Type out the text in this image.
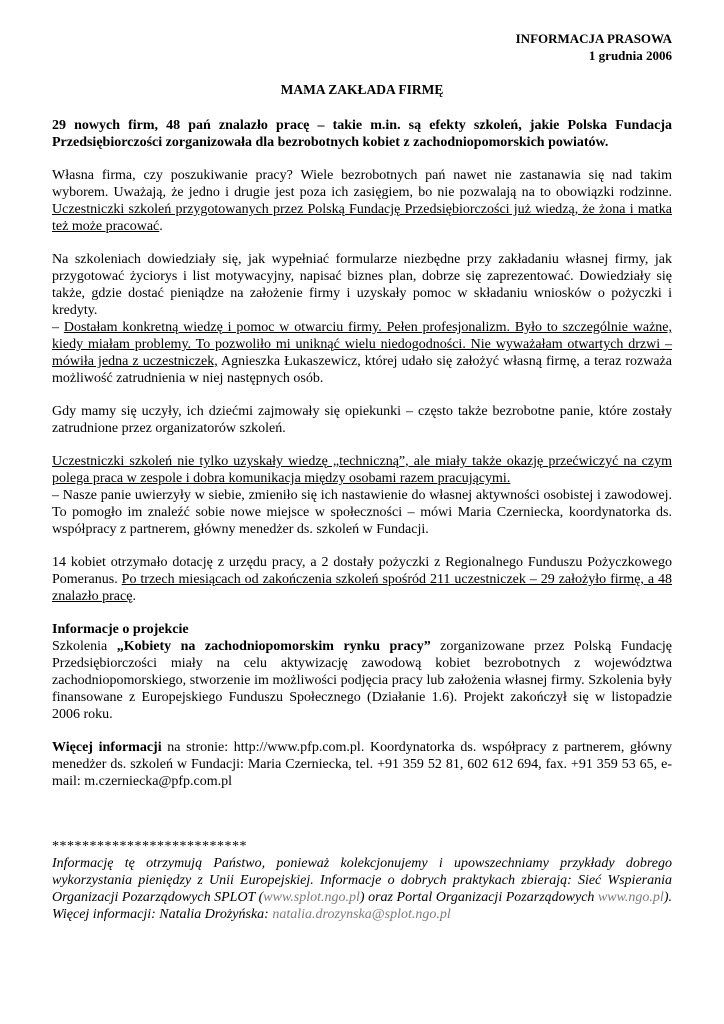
INFORMACJA PRASOWA
1 grudnia 2006
MAMA ZAKŁADA FIRMĘ

29 nowych firm, 48 pań znalazło pracę – takie m.in. są efekty szkoleń, jakie Polska Fundacja Przedsiębiorczości zorganizowała dla bezrobotnych kobiet z zachodniopomorskich powiatów.

Własna firma, czy poszukiwanie pracy? Wiele bezrobotnych pań nawet nie zastanawia się nad takim wyborem. Uważają, że jedno i drugie jest poza ich zasięgiem, bo nie pozwalają na to obowiązki rodzinne. Uczestniczki szkoleń przygotowanych przez Polską Fundację Przedsiębiorczości już wiedzą, że żona i matka też może pracować.

Na szkoleniach dowiedziały się, jak wypełniać formularze niezbędne przy zakładaniu własnej firmy, jak przygotować życiorys i list motywacyjny, napisać biznes plan, dobrze się zaprezentować. Dowiedziały się także, gdzie dostać pieniądze na założenie firmy i uzyskały pomoc w składaniu wniosków o pożyczki i kredyty.
– Dostałam konkretną wiedzę i pomoc w otwarciu firmy. Pełen profesjonalizm. Było to szczególnie ważne, kiedy miałam problemy. To pozwoliło mi uniknąć wielu niedogodności. Nie wyważałam otwartych drzwi – mówiła jedna z uczestniczek, Agnieszka Łukaszewicz, której udało się założyć własną firmę, a teraz rozważa możliwość zatrudnienia w niej następnych osób.

Gdy mamy się uczyły, ich dziećmi zajmowały się opiekunki – często także bezrobotne panie, które zostały zatrudnione przez organizatorów szkoleń.

Uczestniczki szkoleń nie tylko uzyskały wiedzę „techniczną”, ale miały także okazję przećwiczyć na czym polega praca w zespole i dobra komunikacja między osobami razem pracującymi.
– Nasze panie uwierzyły w siebie, zmieniło się ich nastawienie do własnej aktywności osobistej i zawodowej. To pomogło im znaleźć sobie nowe miejsce w społeczności – mówi Maria Czerniecka, koordynatorka ds. współpracy z partnerem, główny menedżer ds. szkoleń w Fundacji.

14 kobiet otrzymało dotację z urzędu pracy, a 2 dostały pożyczki z Regionalnego Funduszu Pożyczkowego Pomeranus. Po trzech miesiącach od zakończenia szkoleń spośród 211 uczestniczek – 29 założyło firmę, a 48 znalazło pracę.

Informacje o projekcie
Szkolenia „Kobiety na zachodniopomorskim rynku pracy” zorganizowane przez Polską Fundację Przedsiębiorczości miały na celu aktywizację zawodową kobiet bezrobotnych z województwa zachodniopomorskiego, stworzenie im możliwości podjęcia pracy lub założenia własnej firmy. Szkolenia były finansowane z Europejskiego Funduszu Społecznego (Działanie 1.6). Projekt zakończył się w listopadzie 2006 roku.

Więcej informacji na stronie: http://www.pfp.com.pl. Koordynatorka ds. współpracy z partnerem, główny menedżer ds. szkoleń w Fundacji: Maria Czerniecka, tel. +91 359 52 81, 602 612 694, fax. +91 359 53 65, e-mail: m.czerniecka@pfp.com.pl

**************************

Informację tę otrzymują Państwo, ponieważ kolekcjonujemy i upowszechniamy przykłady dobrego wykorzystania pieniędzy z Unii Europejskiej. Informacje o dobrych praktykach zbierają: Sieć Wspierania Organizacji Pozarządowych SPLOT (www.splot.ngo.pl) oraz Portal Organizacji Pozarządowych www.ngo.pl). Więcej informacji: Natalia Drożyńska: natalia.drozynska@splot.ngo.pl
